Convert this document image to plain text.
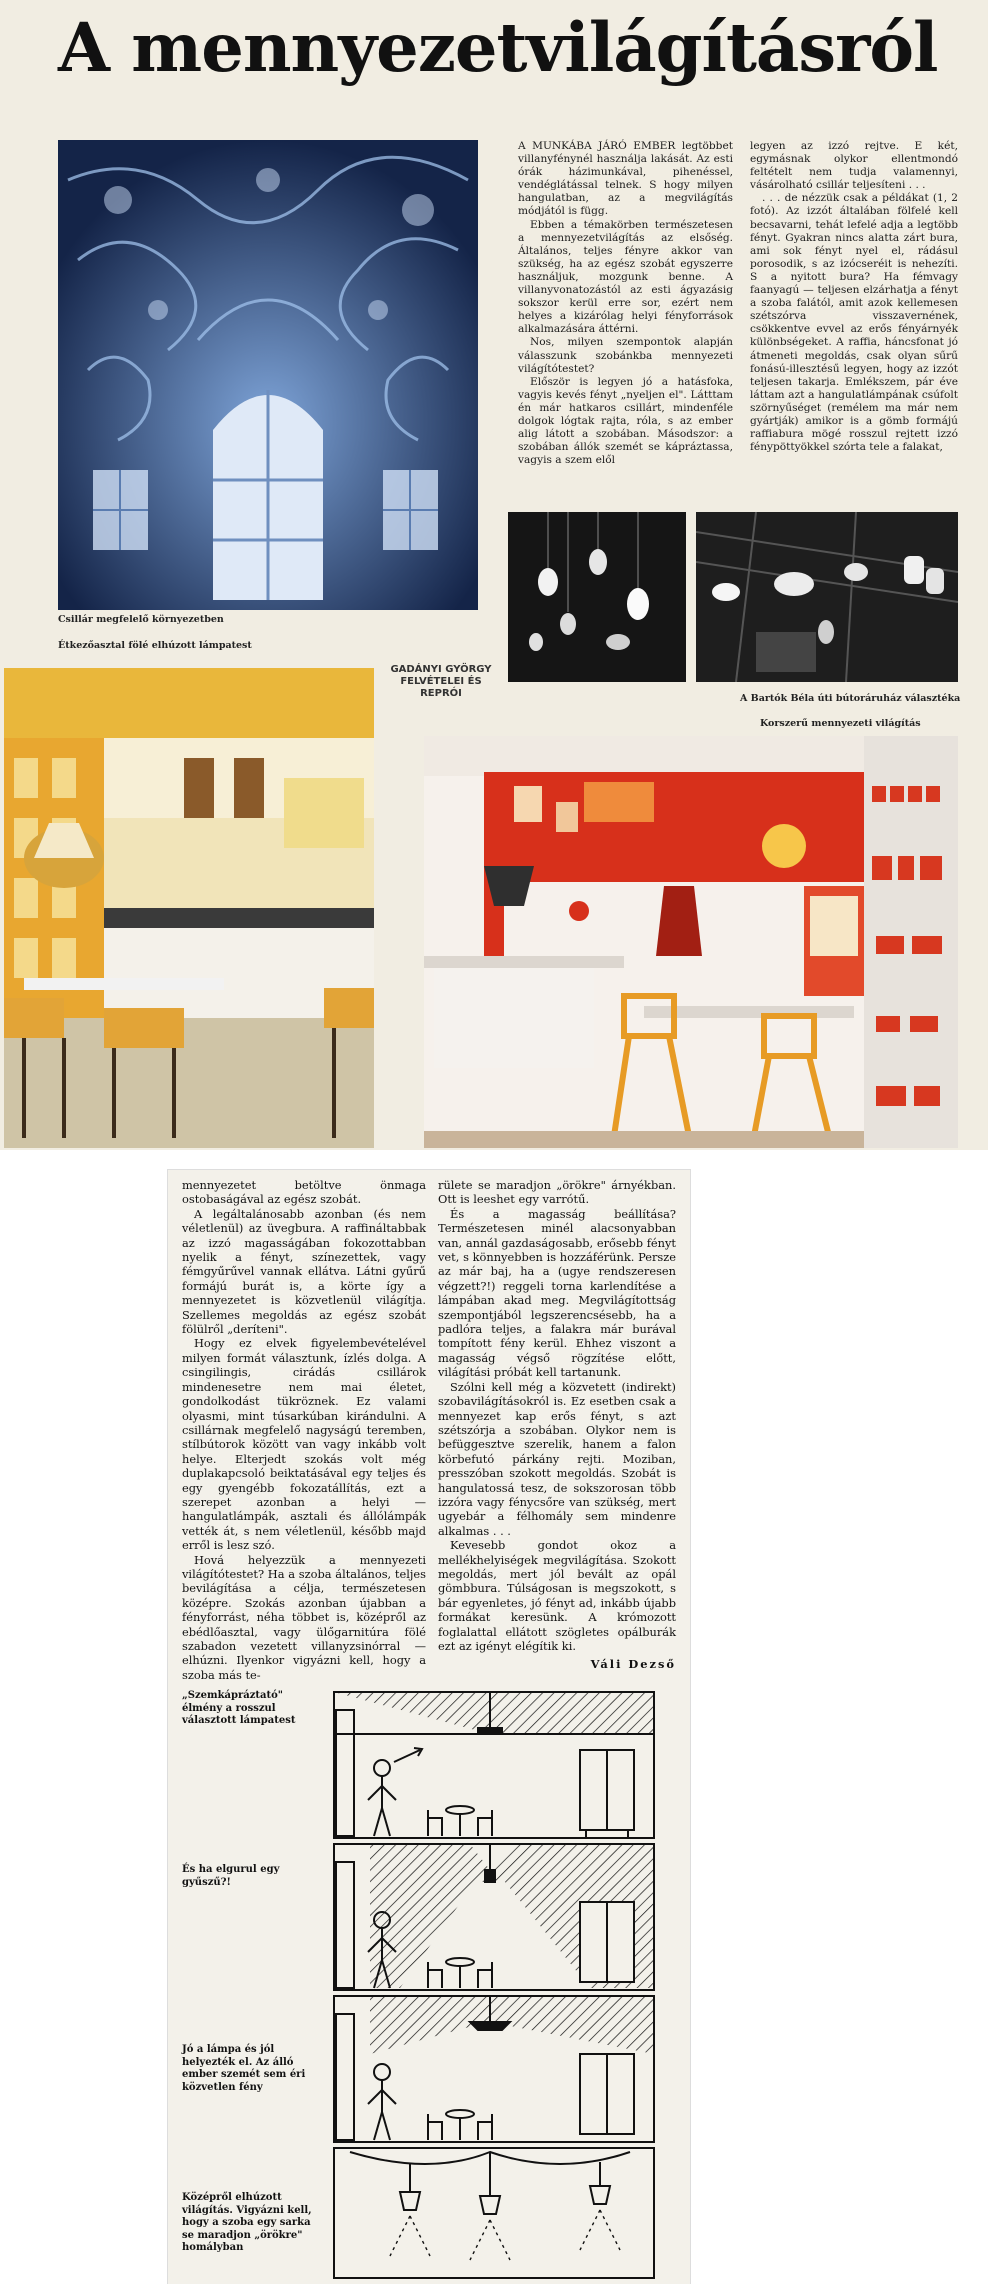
A mennyezetvilágításról
Csillár megfelelő környezetben
Étkezőasztal fölé elhúzott lámpatest

A MUNKÁBA JÁRÓ EMBER legtöbbet villanyfénynél használja lakását. Az esti órák házimunkával, pihenéssel, vendéglátással telnek. S hogy milyen hangulatban, az a megvilágítás módjától is függ.

Ebben a témakörben természetesen a mennyezetvilágítás az elsőség. Általános, teljes fényre akkor van szükség, ha az egész szobát egyszerre használjuk, mozgunk benne. A villanyvonatozástól az esti ágyazásig sokszor kerül erre sor, ezért nem helyes a kizárólag helyi fényforrások alkalmazására áttérni.

Nos, milyen szempontok alapján válasszunk szobánkba mennyezeti világítótestet?

Először is legyen jó a hatásfoka, vagyis kevés fényt „nyeljen el". Látttam én már hatkaros csillárt, mindenféle dolgok lógtak rajta, róla, s az ember alig látott a szobában. Másodszor: a szobában állók szemét se kápráztassa, vagyis a szem elől

legyen az izzó rejtve. E két, egymásnak olykor ellentmondó feltételt nem tudja valamennyi, vásárolható csillár teljesíteni . . .

. . . de nézzük csak a példákat (1, 2 fotó). Az izzót általában fölfelé kell becsavarni, tehát lefelé adja a legtöbb fényt. Gyakran nincs alatta zárt bura, ami sok fényt nyel el, rádásul porosodik, s az izócseréit is nehezíti. S a nyitott bura? Ha fémvagy faanyagú — teljesen elzárhatja a fényt a szoba falától, amit azok kellemesen szétszórva visszavernének, csökkentve evvel az erős fényárnyék különbségeket. A raffia, háncsfonat jó átmeneti megoldás, csak olyan sűrű fonású-illesztésű legyen, hogy az izzót teljesen takarja. Emlékszem, pár éve láttam azt a hangulatlámpának csúfolt szörnyűséget (remélem ma már nem gyártják) amikor is a gömb formájú raffiabura mögé rosszul rejtett izzó fénypöttyökkel szórta tele a falakat,

A Bartók Béla úti bútoráruház választéka
GADÁNYI GYÖRGY FELVÉTELEI ÉS REPRÓI
Korszerű mennyezeti világítás

mennyezetet betöltve önmaga ostobaságával az egész szobát.

A legáltalánosabb azonban (és nem véletlenül) az üvegbura. A raffináltabbak az izzó magasságában fokozottabban nyelik a fényt, színezettek, vagy fémgyűrűvel vannak ellátva. Látni gyűrű formájú burát is, a körte így a mennyezetet is közvetlenül világítja. Szellemes megoldás az egész szobát fölülről „deríteni".

Hogy ez elvek figyelembevételével milyen formát választunk, ízlés dolga. A csingilingis, cirádás csillárok mindenesetre nem mai életet, gondolkodást tükröznek. Ez valami olyasmi, mint túsarkúban kirándulni. A csillárnak megfelelő nagyságú teremben, stílbútorok között van vagy inkább volt helye. Elterjedt szokás volt még duplakapcsoló beiktatásával egy teljes és egy gyengébb fokozatállítás, ezt a szerepet azonban a helyi — hangulatlámpák, asztali és állólámpák vették át, s nem véletlenül, később majd erről is lesz szó.

Hová helyezzük a mennyezeti világítótestet? Ha a szoba általános, teljes bevilágítása a célja, természetesen középre. Szokás azonban újabban a fényforrást, néha többet is, középről az ebédlőasztal, vagy ülőgarnitúra fölé szabadon vezetett villanyzsinórral — elhúzni. Ilyenkor vigyázni kell, hogy a szoba más te-

rülete se maradjon „örökre" árnyékban. Ott is leeshet egy varrótű.

És a magasság beállítása? Természetesen minél alacsonyabban van, annál gazdaságosabb, erősebb fényt vet, s könnyebben is hozzáférünk. Persze az már baj, ha a (ugye rendszeresen végzett?!) reggeli torna karlendítése a lámpában akad meg. Megvilágítottság szempontjából legszerencsésebb, ha a padlóra teljes, a falakra már burával tompított fény kerül. Ehhez viszont a magasság végső rögzítése előtt, világítási próbát kell tartanunk.

Szólni kell még a közvetett (indirekt) szobavilágításokról is. Ez esetben csak a mennyezet kap erős fényt, s azt szétszórja a szobában. Olykor nem is befüggesztve szerelik, hanem a falon körbefutó párkány rejti. Moziban, presszóban szokott megoldás. Szobát is hangulatossá tesz, de sokszorosan több izzóra vagy fénycsőre van szükség, mert ugyebár a félhomály sem mindenre alkalmas . . .

Kevesebb gondot okoz a mellékhelyiségek megvilágítása. Szokott megoldás, mert jól bevált az opál gömbbura. Túlságosan is megszokott, s bár egyenletes, jó fényt ad, inkább újabb formákat keresünk. A krómozott foglalattal ellátott szögletes opálburák ezt az igényt elégítik ki.

Váli Dezső
„Szemkápráztató" élmény a rosszul választott lámpatest
És ha elgurul egy gyűszű?!
Jó a lámpa és jól helyezték el. Az álló ember szemét sem éri közvetlen fény
Középről elhúzott világítás. Vigyázni kell, hogy a szoba egy sarka se maradjon „örökre" homályban
